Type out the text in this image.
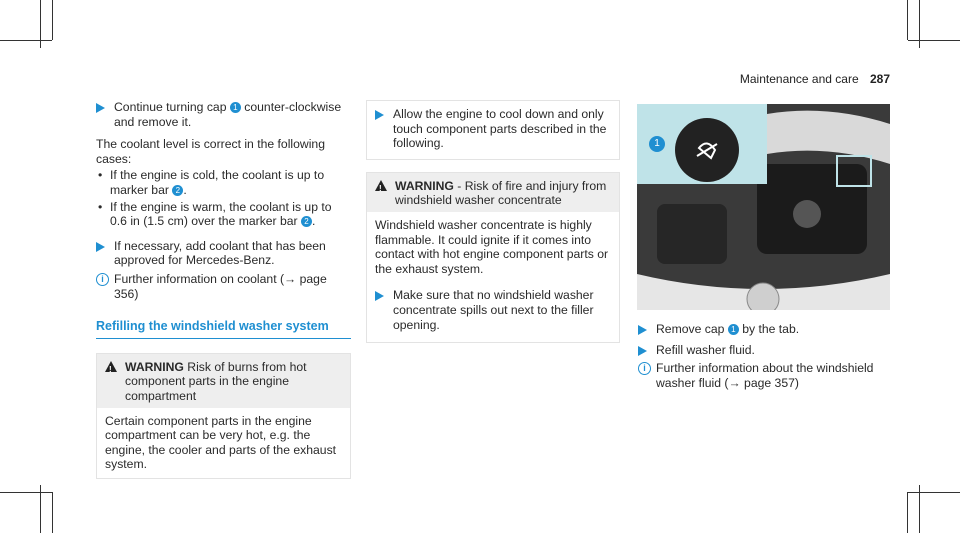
Maintenance and care 287
Continue turning cap 1 counter-clockwise and remove it.
The coolant level is correct in the following cases:
• If the engine is cold, the coolant is up to marker bar 2 .
• If the engine is warm, the coolant is up to 0.6 in (1.5 cm) over the marker bar 2 .
If necessary, add coolant that has been approved for Mercedes-Benz.
i Further information on coolant (→ page 356)
Refilling the windshield washer system
! WARNING Risk of burns from hot component parts in the engine compartment
Certain component parts in the engine compartment can be very hot, e.g. the engine, the cooler and parts of the exhaust system.
Allow the engine to cool down and only touch component parts described in the following.
! WARNING - Risk of fire and injury from windshield washer concentrate
Windshield washer concentrate is highly flammable. It could ignite if it comes into contact with hot engine component parts or the exhaust system.
Make sure that no windshield washer concentrate spills out next to the filler opening.
1
Remove cap 1 by the tab.
Refill washer fluid.
i Further information about the windshield washer fluid (→ page 357)
